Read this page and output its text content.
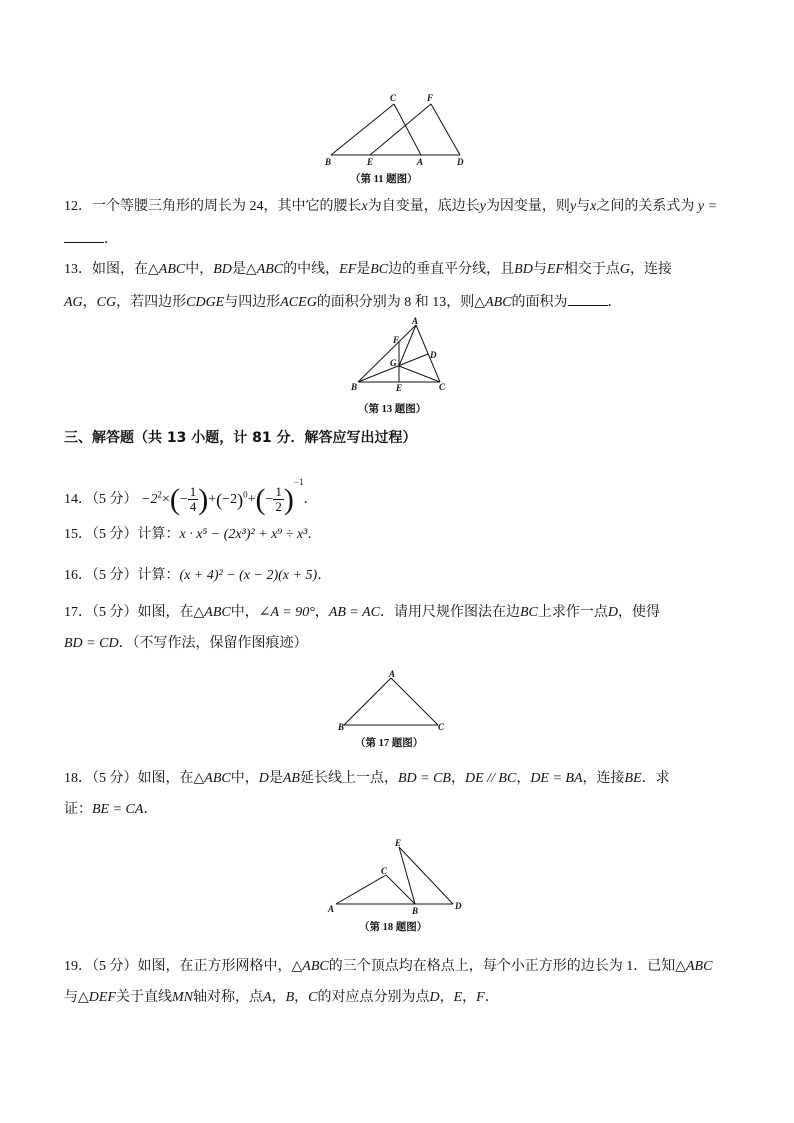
C	F
B	E	A	D
（第 11 题图）
12．一个等腰三角形的周长为 24，其中它的腰长x为自变量，底边长y为因变量，则y与x之间的关系式为 y =
．
13．如图，在△ABC中，BD是△ABC的中线，EF是BC边的垂直平分线，且BD与EF相交于点G，连接
AG，CG，若四边形CDGE与四边形ACEG的面积分别为 8 和 13，则△ABC的面积为	．
A
F
D
G
B	E	C
（第 13 题图）
三、解答题（共 13 小题，计 81 分．解答应写出过程）
14．（5 分） $-2^2\times(- \frac{1}{4} )+(-2)^0+(- \frac{1}{2} )^{-1}$．
15．（5 分）计算：x · x⁵ − (2x³)² + x⁹ ÷ x³．
16．（5 分）计算：(x + 4)² − (x − 2)(x + 5)．
17．（5 分）如图，在△ABC中，∠A = 90°，AB = AC．请用尺规作图法在边BC上求作一点D，使得
BD = CD．（不写作法，保留作图痕迹）
A
B	C
（第 17 题图）
18．（5 分）如图，在△ABC中，D是AB延长线上一点，BD = CB，DE // BC，DE = BA，连接BE．求
证：BE = CA．
E
C
A	B	D
（第 18 题图）
19．（5 分）如图，在正方形网格中，△ABC的三个顶点均在格点上，每个小正方形的边长为 1．已知△ABC
与△DEF关于直线MN轴对称，点A，B，C的对应点分别为点D，E，F．
